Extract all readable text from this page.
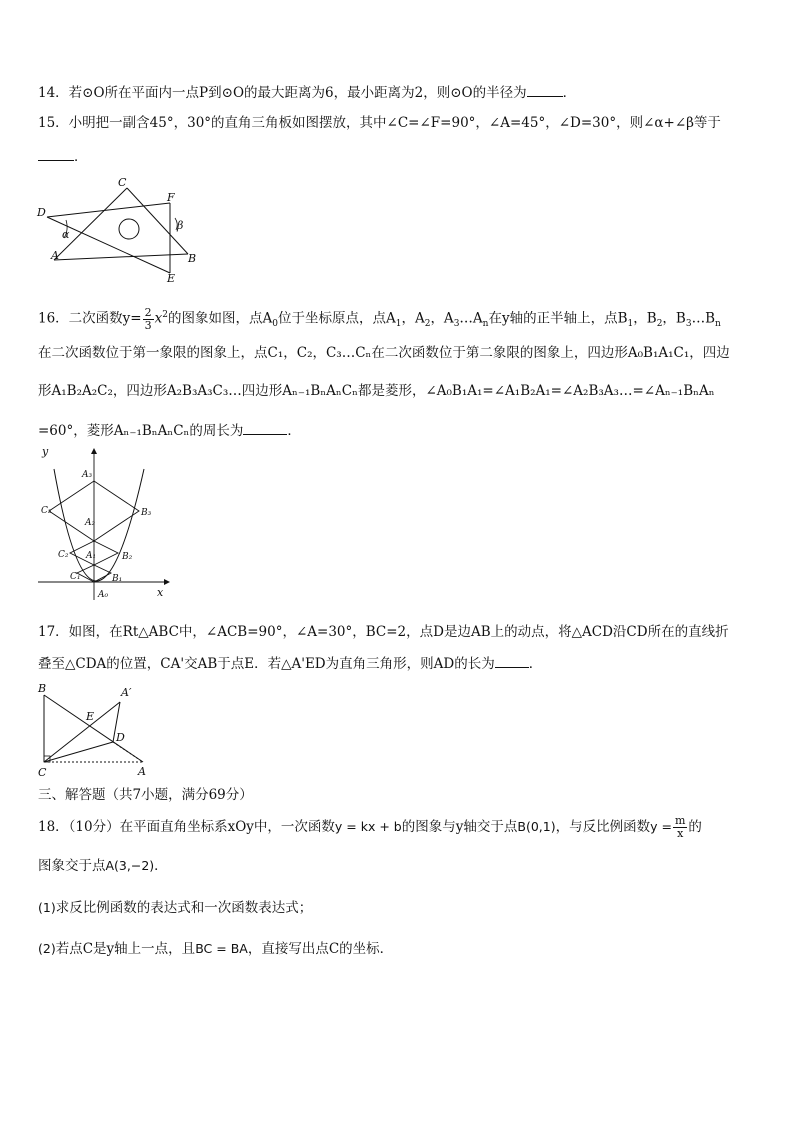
14．若⊙O所在平面内一点P到⊙O的最大距离为6，最小距离为2，则⊙O的半径为	．
15．小明把一副含45°，30°的直角三角板如图摆放，其中∠C=∠F=90°，∠A=45°，∠D=30°，则∠α+∠β等于
．
C
F
D
α
β
A	B
E
16．二次函数$y= \frac{2}{3} x^2$的图象如图，点$A_0$位于坐标原点，点$A_1$，$A_2$，$A_3\dots A_n$在y轴的正半轴上，点$B_1$，$B_2$，$B_3\dots B_n$
在二次函数位于第一象限的图象上，点C₁，C₂，C₃…Cₙ在二次函数位于第二象限的图象上，四边形A₀B₁A₁C₁，四边
形A₁B₂A₂C₂，四边形A₂B₃A₃C₃…四边形Aₙ₋₁BₙAₙCₙ都是菱形，∠A₀B₁A₁=∠A₁B₂A₁=∠A₂B₃A₃…=∠Aₙ₋₁BₙAₙ
=60°，菱形Aₙ₋₁BₙAₙCₙ的周长为	．
y
x
A₃
C₃	B₃
A₂
C₂	B₂
A₁
C₁	B₁
A₀
17．如图，在Rt△ABC中，∠ACB=90°，∠A=30°，BC=2，点D是边AB上的动点，将△ACD沿CD所在的直线折
叠至△CDA的位置，CA'交AB于点E．若△A'ED为直角三角形，则AD的长为	．
B	A′
E
D
C	A
三、解答题（共7小题，满分69分）
18．（10分）在平面直角坐标系xOy中，一次函数y = kx + b的图象与y轴交于点B(0,1)，与反比例函数$y = \frac{m}{x}$ 的
图象交于点A(3,−2)．
(1)求反比例函数的表达式和一次函数表达式；
(2)若点C是y轴上一点，且BC = BA，直接写出点C的坐标．
